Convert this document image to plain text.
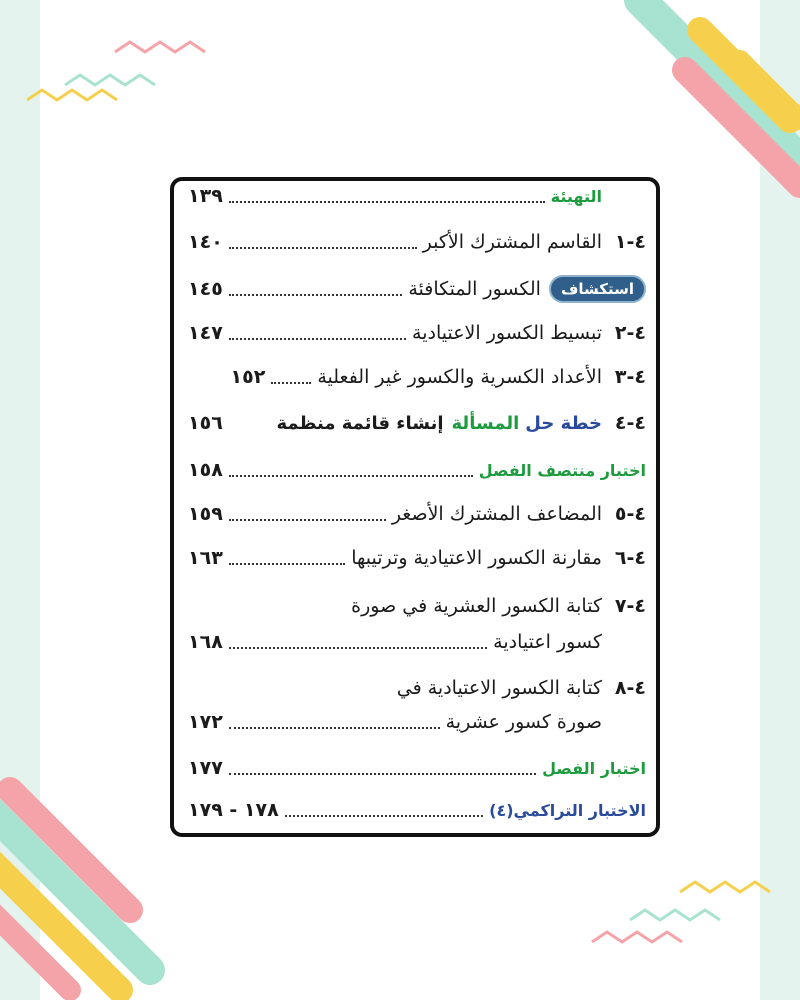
التهيئة
١٣٩
٤-١
القاسم المشترك الأكبر
١٤٠
استكشاف
الكسور المتكافئة
١٤٥
٤-٢
تبسيط الكسور الاعتيادية
١٤٧
٤-٣
الأعداد الكسرية والكسور غير الفعلية
١٥٢
٤-٤
خطة حل
المسألة
إنشاء قائمة منظمة
١٥٦
اختبار منتصف الفصل
١٥٨
٤-٥
المضاعف المشترك الأصغر
١٥٩
٤-٦
مقارنة الكسور الاعتيادية وترتيبها
١٦٣
٤-٧
كتابة الكسور العشرية في صورة
كسور اعتيادية
١٦٨
٤-٨
كتابة الكسور الاعتيادية في
صورة كسور عشرية
١٧٢
اختبار الفصل
١٧٧
الاختبار التراكمي(٤)
١٧٨ - ١٧٩
